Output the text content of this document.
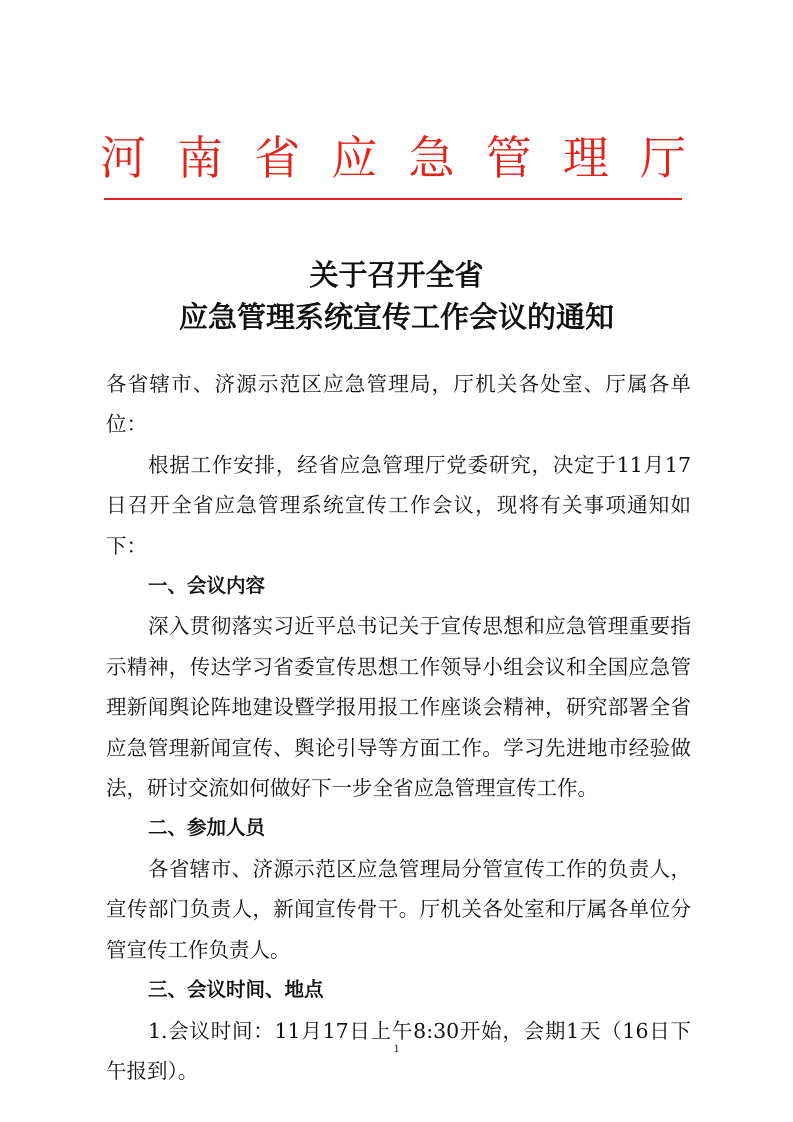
河 南 省 应 急 管 理 厅
关于召开全省
应急管理系统宣传工作会议的通知

各省辖市、济源示范区应急管理局，厅机关各处室、厅属各单位：

根据工作安排，经省应急管理厅党委研究，决定于11月17日召开全省应急管理系统宣传工作会议，现将有关事项通知如下：

一、会议内容

深入贯彻落实习近平总书记关于宣传思想和应急管理重要指示精神，传达学习省委宣传思想工作领导小组会议和全国应急管理新闻舆论阵地建设暨学报用报工作座谈会精神，研究部署全省应急管理新闻宣传、舆论引导等方面工作。学习先进地市经验做法，研讨交流如何做好下一步全省应急管理宣传工作。

二、参加人员

各省辖市、济源示范区应急管理局分管宣传工作的负责人，宣传部门负责人，新闻宣传骨干。厅机关各处室和厅属各单位分管宣传工作负责人。

三、会议时间、地点

1.会议时间：11月17日上午8:30开始，会期1天（16日下午报到）。

1
